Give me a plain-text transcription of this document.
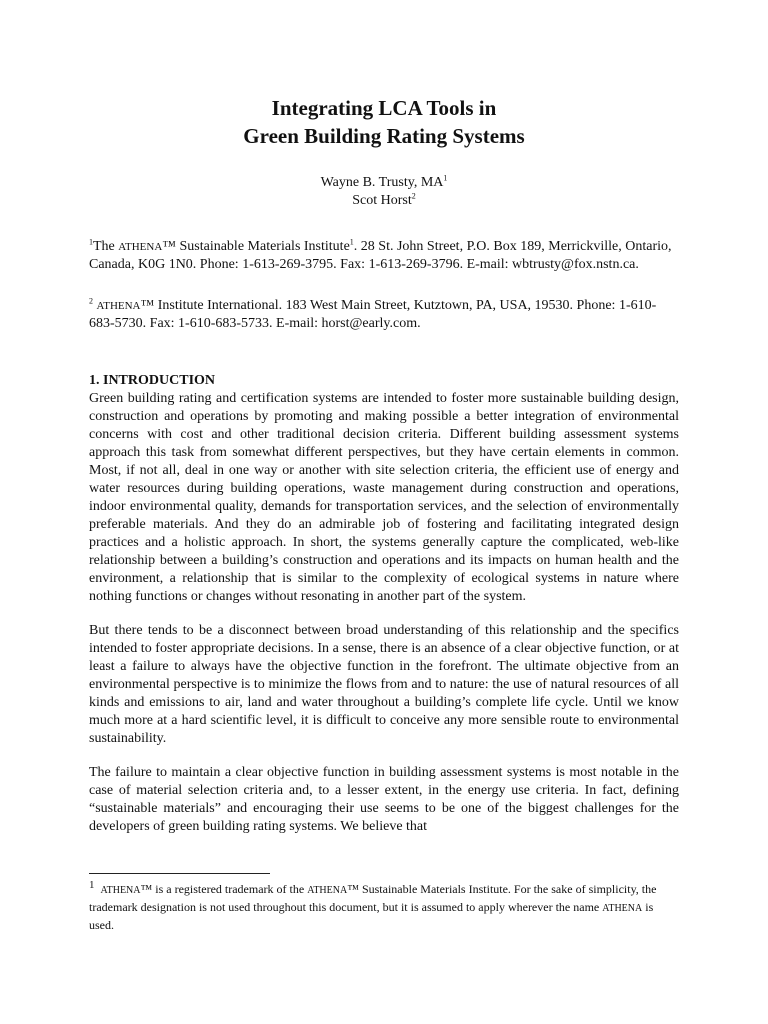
Integrating LCA Tools in
Green Building Rating Systems
Wayne B. Trusty, $MA^1$
Scot Horst$^2$
$^1$The ATHENA™ Sustainable Materials Institute$^1$. 28 St. John Street, P.O. Box 189, Merrickville, Ontario, Canada, K0G 1N0. Phone: 1-613-269-3795. Fax: 1-613-269-3796. E-mail: wbtrusty@fox.nstn.ca.
$^2$ ATHENA™ Institute International. 183 West Main Street, Kutztown, PA, USA, 19530. Phone: 1-610-683-5730. Fax: 1-610-683-5733. E-mail: horst@early.com.
1. INTRODUCTION

Green building rating and certification systems are intended to foster more sustainable building design, construction and operations by promoting and making possible a better integration of environmental concerns with cost and other traditional decision criteria. Different building assessment systems approach this task from somewhat different perspectives, but they have certain elements in common. Most, if not all, deal in one way or another with site selection criteria, the efficient use of energy and water resources during building operations, waste management during construction and operations, indoor environmental quality, demands for transportation services, and the selection of environmentally preferable materials. And they do an admirable job of fostering and facilitating integrated design practices and a holistic approach. In short, the systems generally capture the complicated, web-like relationship between a building’s construction and operations and its impacts on human health and the environment, a relationship that is similar to the complexity of ecological systems in nature where nothing functions or changes without resonating in another part of the system.

But there tends to be a disconnect between broad understanding of this relationship and the specifics intended to foster appropriate decisions. In a sense, there is an absence of a clear objective function, or at least a failure to always have the objective function in the forefront. The ultimate objective from an environmental perspective is to minimize the flows from and to nature: the use of natural resources of all kinds and emissions to air, land and water throughout a building’s complete life cycle. Until we know much more at a hard scientific level, it is difficult to conceive any more sensible route to environmental sustainability.

The failure to maintain a clear objective function in building assessment systems is most notable in the case of material selection criteria and, to a lesser extent, in the energy use criteria. In fact, defining “sustainable materials” and encouraging their use seems to be one of the biggest challenges for the developers of green building rating systems. We believe that

1 ATHENA™ is a registered trademark of the ATHENA™ Sustainable Materials Institute. For the sake of simplicity, the trademark designation is not used throughout this document, but it is assumed to apply wherever the name ATHENA is used.
